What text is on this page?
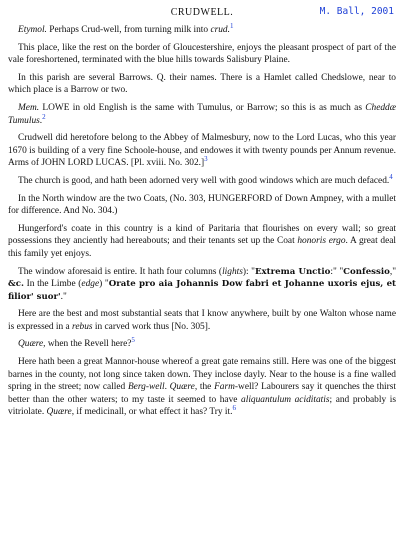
CRUDWELL.	M. Ball, 2001

Etymol. Perhaps Crud-well, from turning milk into crud.$^1$

This place, like the rest on the border of Gloucestershire, enjoys the pleasant prospect of part of the vale foreshortened, terminated with the blue hills towards Salisbury Plaine.

In this parish are several Barrows. Q. their names. There is a Hamlet called Chedslowe, near to which place is a Barrow or two.

Mem. LOWE in old English is the same with Tumulus, or Barrow; so this is as much as Cheddæ Tumulus.$^2$

Crudwell did heretofore belong to the Abbey of Malmesbury, now to the Lord Lucas, who this year 1670 is building of a very fine Schoole-house, and endowes it with twenty pounds per Annum revenue. Arms of JOHN LORD LUCAS. [Pl. xviii. No. 302.]$^3$

The church is good, and hath been adorned very well with good windows which are much defaced.$^4$

In the North window are the two Coats, (No. 303, HUNGERFORD of Down Ampney, with a mullet for difference. And No. 304.)

Hungerford's coate in this country is a kind of Paritaria that flourishes on every wall; so great possessions they anciently had hereabouts; and their tenants set up the Coat honoris ergo. A great deal this family yet enjoys.

The window aforesaid is entire. It hath four columns (lights): "Extrema Unctio:" "Confessio," &c. In the Limbe (edge) "Orate pro aia Johannis Dow fabri et Johanne uxoris ejus, et filior' suor'."

Here are the best and most substantial seats that I know anywhere, built by one Walton whose name is expressed in a rebus in carved work thus [No. 305].

Quære, when the Revell here?$^5$

Here hath been a great Mannor-house whereof a great gate remains still. Here was one of the biggest barnes in the county, not long since taken down. They inclose dayly. Near to the house is a fine walled spring in the street; now called Berg-well. Quære, the Farm-well? Labourers say it quenches the thirst better than the other waters; to my taste it seemed to have aliquantulum aciditatis; and probably is vitriolate. Quære, if medicinall, or what effect it has? Try it.$^6$
